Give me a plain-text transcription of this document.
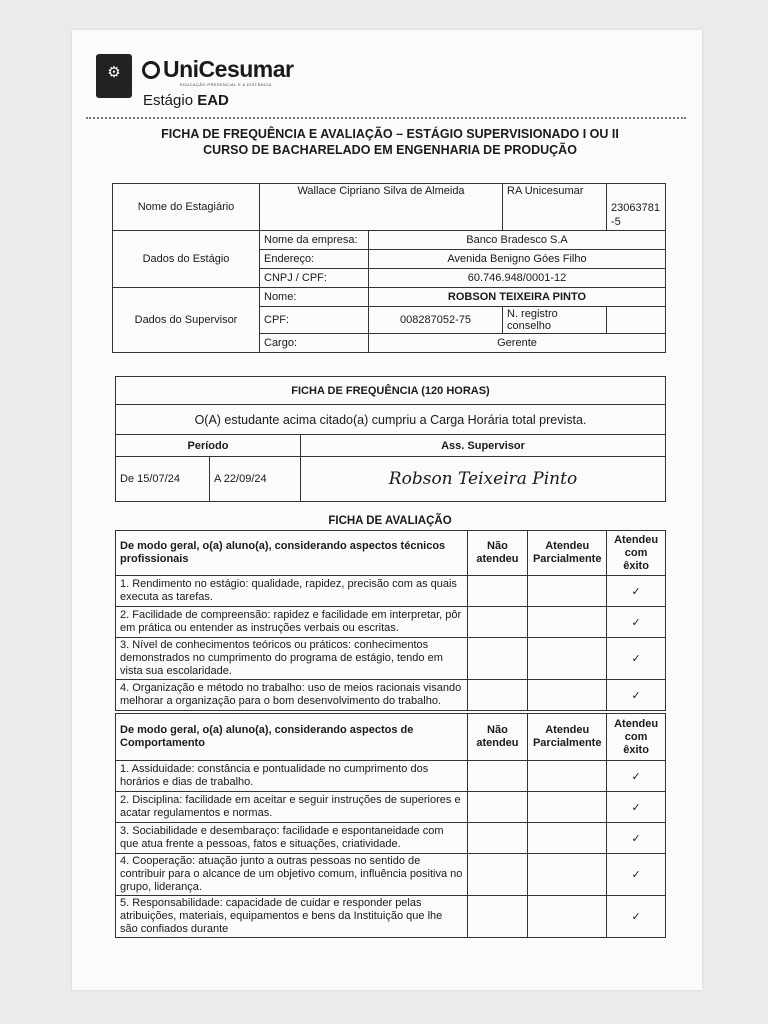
⚙	UniCesumar
EDUCAÇÃO PRESENCIAL E A DISTÂNCIA
Estágio EAD
FICHA DE FREQUÊNCIA E AVALIAÇÃO – ESTÁGIO SUPERVISIONADO I OU II
CURSO DE BACHARELADO EM ENGENHARIA DE PRODUÇÃO
Nome do Estagiário	Wallace Cipriano Silva de Almeida		RA Unicesumar	23063781
-5
Dados do Estágio	Nome da empresa:	Banco Bradesco S.A		
	Endereço:	Avenida Benigno Góes Filho		
	CNPJ / CPF:	60.746.948/0001-12		
Dados do Supervisor	Nome:	ROBSON TEIXEIRA PINTO		
	CPF:	008287052-75	N. registro conselho	
	Cargo:	Gerente		
FICHA DE FREQUÊNCIA (120 HORAS)		
O(A) estudante acima citado(a) cumpriu a Carga Horária total prevista.		
Período		Ass. Supervisor
De 15/07/24	A 22/09/24	Robson Teixeira Pinto
FICHA DE AVALIAÇÃO
De modo geral, o(a) aluno(a), considerando aspectos técnicos profissionais	Não atendeu	Atendeu Parcialmente	Atendeu com êxito
1. Rendimento no estágio: qualidade, rapidez, precisão com as quais executa as tarefas.			✓
2. Facilidade de compreensão: rapidez e facilidade em interpretar, pôr em prática ou entender as instruções verbais ou escritas.			✓
3. Nível de conhecimentos teóricos ou práticos: conhecimentos demonstrados no cumprimento do programa de estágio, tendo em vista sua escolaridade.			✓
4. Organização e método no trabalho: uso de meios racionais visando melhorar a organização para o bom desenvolvimento do trabalho.			✓
De modo geral, o(a) aluno(a), considerando aspectos de Comportamento	Não atendeu	Atendeu Parcialmente	Atendeu com êxito
1. Assiduidade: constância e pontualidade no cumprimento dos horários e dias de trabalho.			✓
2. Disciplina: facilidade em aceitar e seguir instruções de superiores e acatar regulamentos e normas.			✓
3. Sociabilidade e desembaraço: facilidade e espontaneidade com que atua frente a pessoas, fatos e situações, criatividade.			✓
4. Cooperação: atuação junto a outras pessoas no sentido de contribuir para o alcance de um objetivo comum, influência positiva no grupo, liderança.			✓
5. Responsabilidade: capacidade de cuidar e responder pelas atribuições, materiais, equipamentos e bens da Instituição que lhe são confiados durante			✓
